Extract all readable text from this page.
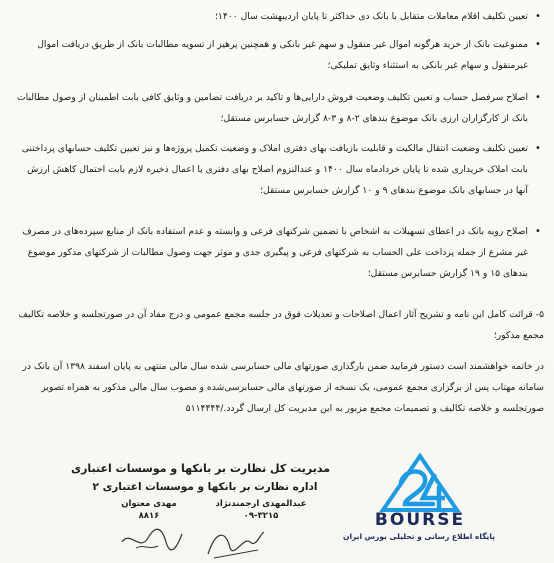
•
•
•
•
•
تعیین تکلیف اقلام معاملات متقابل با بانک دی حداکثر تا پایان اردیبهشت سال ۱۴۰۰؛
ممنوعیت بانک از خرید هرگونه اموال غیر منقول و سهم غیر بانکی و همچنین پرهیز از تسویه مطالبات بانک از طریق دریافت اموال غیرمنقول و سهام غیر بانکی به استثناء وثایق تملیکی؛
اصلاح سرفصل حساب و تعیین تکلیف وضعیت فروش دارایی‌ها و تاکید بر دریافت تضامین و وثایق کافی بابت اطمینان از وصول مطالبات بانک از کارگزاران ارزی بانک موضوع بندهای ۲-۸ و ۳-۸ گزارش حسابرس مستقل؛
تعیین تکلیف وضعیت انتقال مالکیت و قابلیت بازیافت بهای دفتری املاک و وضعیت تکمیل پروژه‌ها و نیز تعیین تکلیف حسابهای پرداختنی بابت املاک خریداری شده تا پایان خردادماه سال ۱۴۰۰ و عندالنزوم اصلاح بهای دفتری یا اعمال ذخیره لازم بابت احتمال کاهش ارزش آنها در حسابهای بانک موضوع بندهای ۹ و ۱۰ گزارش حسابرس مستقل؛
اصلاح رویه بانک در اعطای تسهیلات به اشخاص با تضمین شرکتهای فرعی و وابسته و عدم استفاده بانک از منابع سپرده‌های در مصرف غیر مشرع از جمله پرداخت علی الحساب به شرکتهای فرعی و پیگیری جدی و موثر جهت وصول مطالبات از شرکتهای مذکور موضوع بندهای ۱۵ و ۱۹ گزارش حسابرس مستقل؛
۵- قرائت کامل این نامه و تشریح آثار اعمال اصلاحات و تعدیلات فوق در جلسه مجمع عمومی و درج مفاد آن در صورتجلسه و خلاصه تکالیف مجمع مذکور؛
در خاتمه خواهشمند است دستور فرمایید ضمن بارگذاری صورتهای مالی حسابرسی شده سال مالی منتهی به پایان اسفند ۱۳۹۸ آن بانک در سامانه مهتاب پس از برگزاری مجمع عمومی، یک نسخه از صورتهای مالی حسابرسی‌شده و مصوب سال مالی مذکور به همراه تصویر صورتجلسه و خلاصه تکالیف و تصمیمات مجمع مزبور به این مدیریت کل ارسال گردد./۵۱۱۴۴۴۴
مدیریت کل نظارت بر بانکها و موسسات اعتباری
اداره نظارت بر بانکها و موسسات اعتباری ۲
عبدالمهدی ارجمندنژاد
۰۹-۳۲۱۵
مهدی معتوان
۸۸۱۶	BOURSE
پایگاه اطلاع رسانی و تحلیلی بورس ایران
